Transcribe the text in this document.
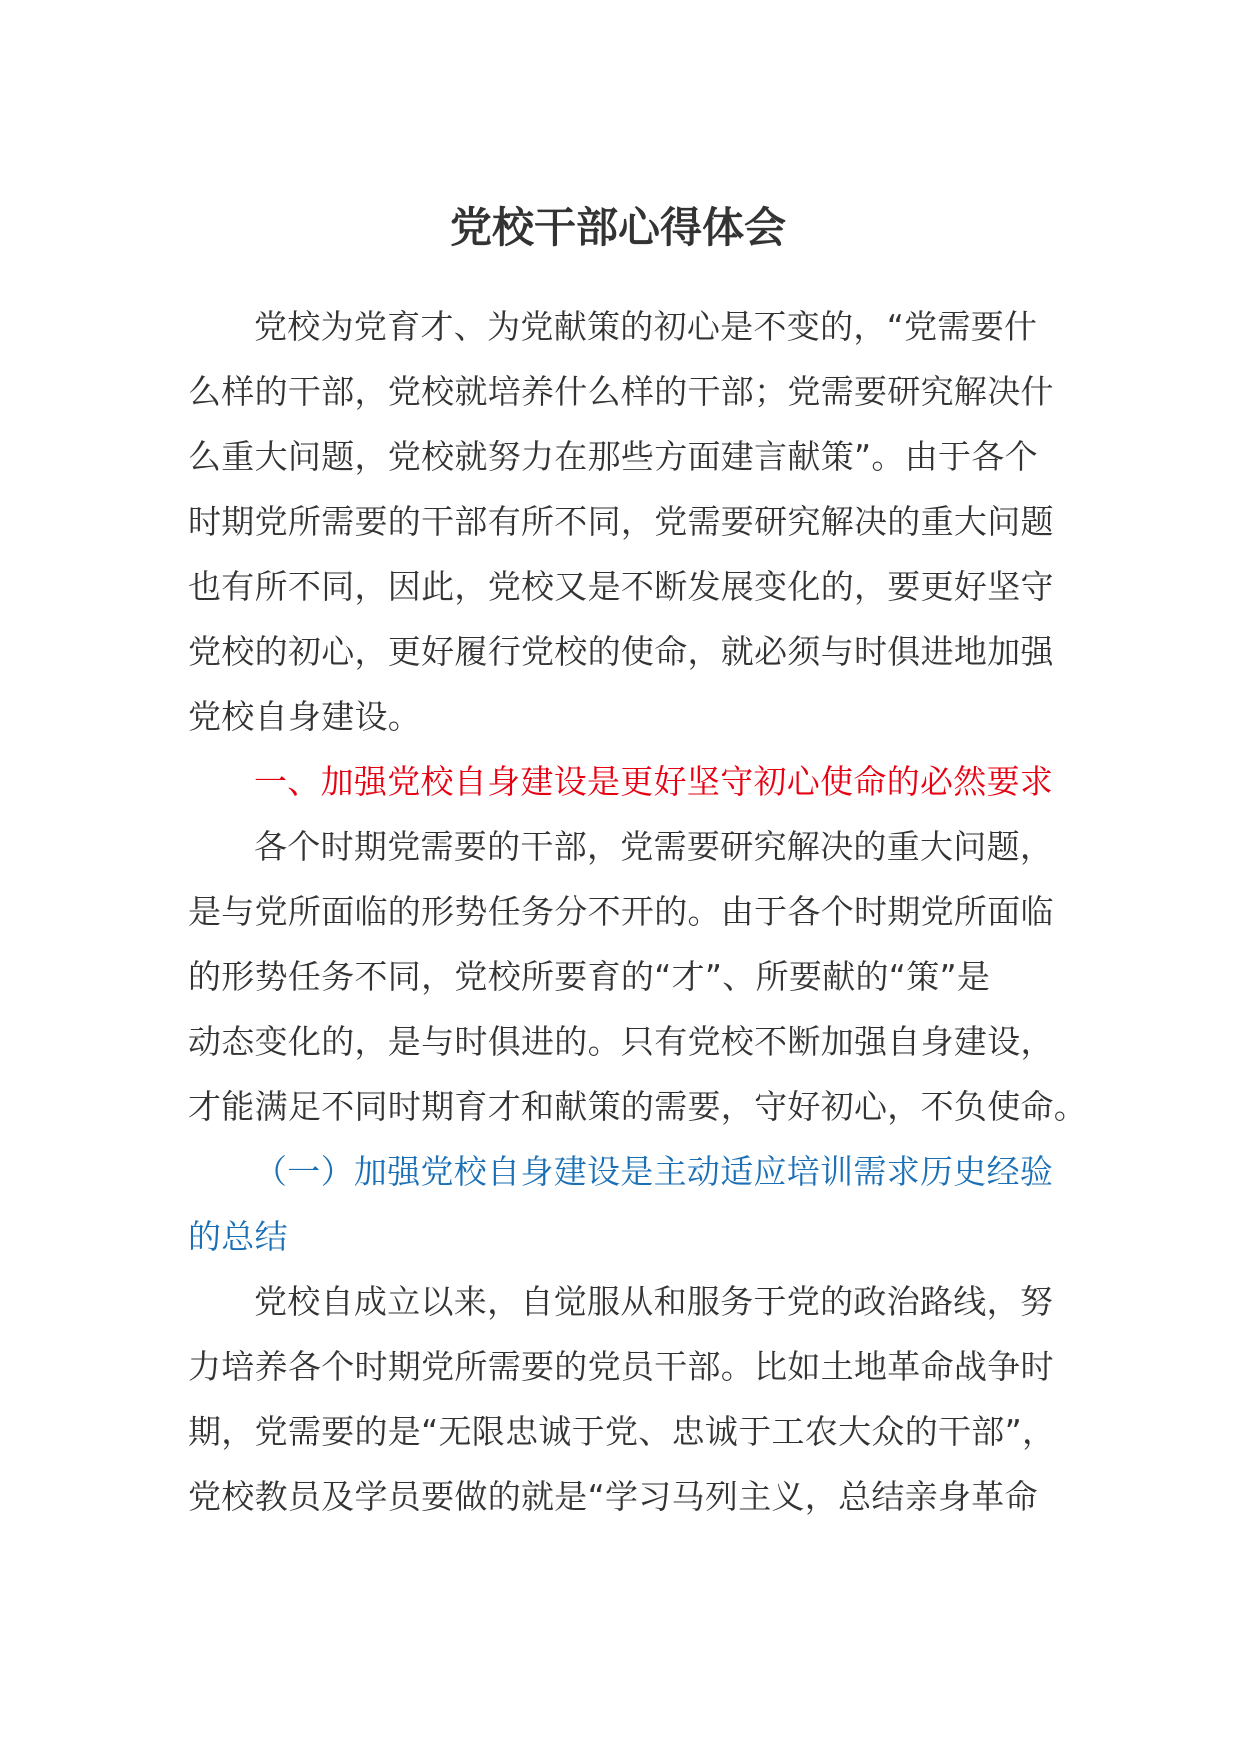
党校干部心得体会

党校为党育才、为党献策的初心是不变的，“党需要什
么样的干部，党校就培养什么样的干部；党需要研究解决什
么重大问题，党校就努力在那些方面建言献策”。由于各个
时期党所需要的干部有所不同，党需要研究解决的重大问题
也有所不同，因此，党校又是不断发展变化的，要更好坚守
党校的初心，更好履行党校的使命，就必须与时俱进地加强
党校自身建设。

一、加强党校自身建设是更好坚守初心使命的必然要求

各个时期党需要的干部，党需要研究解决的重大问题，
是与党所面临的形势任务分不开的。由于各个时期党所面临
的形势任务不同，党校所要育的“才”、所要献的“策”是
动态变化的，是与时俱进的。只有党校不断加强自身建设，
才能满足不同时期育才和献策的需要，守好初心，不负使命。

（一）加强党校自身建设是主动适应培训需求历史经验
的总结

党校自成立以来，自觉服从和服务于党的政治路线，努
力培养各个时期党所需要的党员干部。比如土地革命战争时
期，党需要的是“无限忠诚于党、忠诚于工农大众的干部”，
党校教员及学员要做的就是“学习马列主义，总结亲身革命
